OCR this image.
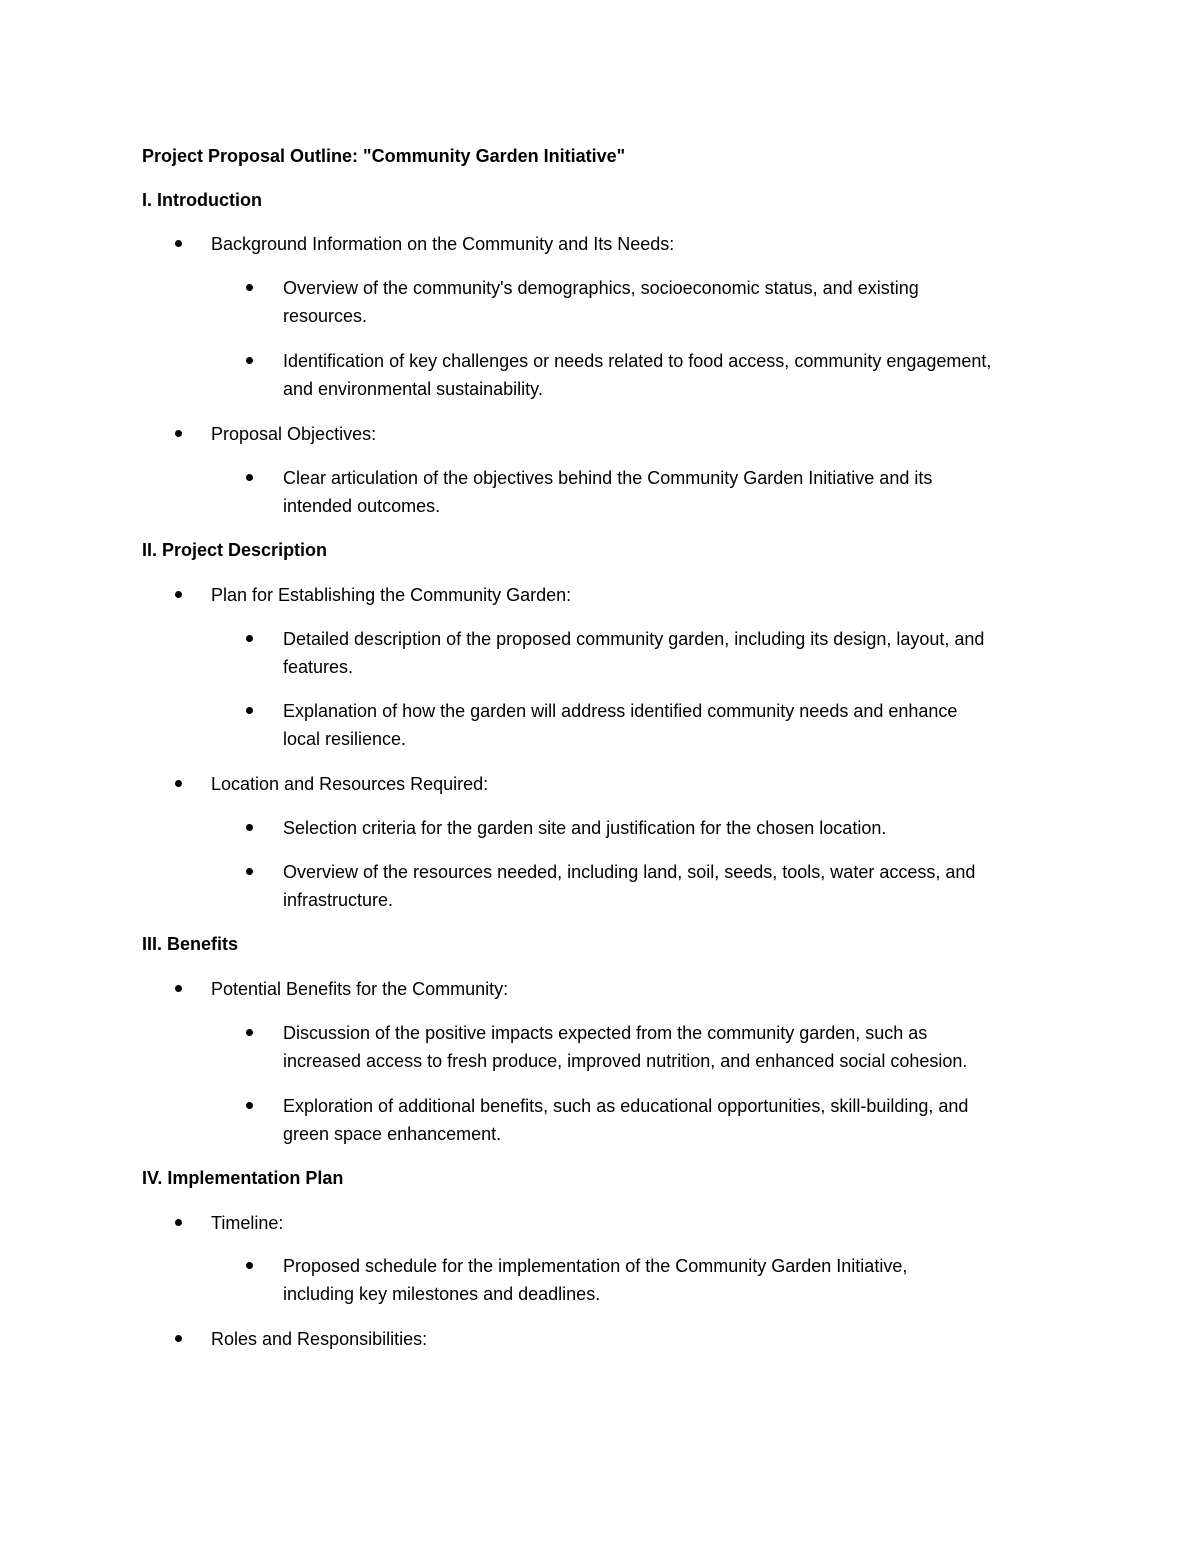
Project Proposal Outline: "Community Garden Initiative"
I. Introduction
Background Information on the Community and Its Needs:
Overview of the community's demographics, socioeconomic status, and existing
resources.
Identification of key challenges or needs related to food access, community engagement,
and environmental sustainability.
Proposal Objectives:
Clear articulation of the objectives behind the Community Garden Initiative and its
intended outcomes.
II. Project Description
Plan for Establishing the Community Garden:
Detailed description of the proposed community garden, including its design, layout, and
features.
Explanation of how the garden will address identified community needs and enhance
local resilience.
Location and Resources Required:
Selection criteria for the garden site and justification for the chosen location.
Overview of the resources needed, including land, soil, seeds, tools, water access, and
infrastructure.
III. Benefits
Potential Benefits for the Community:
Discussion of the positive impacts expected from the community garden, such as
increased access to fresh produce, improved nutrition, and enhanced social cohesion.
Exploration of additional benefits, such as educational opportunities, skill-building, and
green space enhancement.
IV. Implementation Plan
Timeline:
Proposed schedule for the implementation of the Community Garden Initiative,
including key milestones and deadlines.
Roles and Responsibilities:
